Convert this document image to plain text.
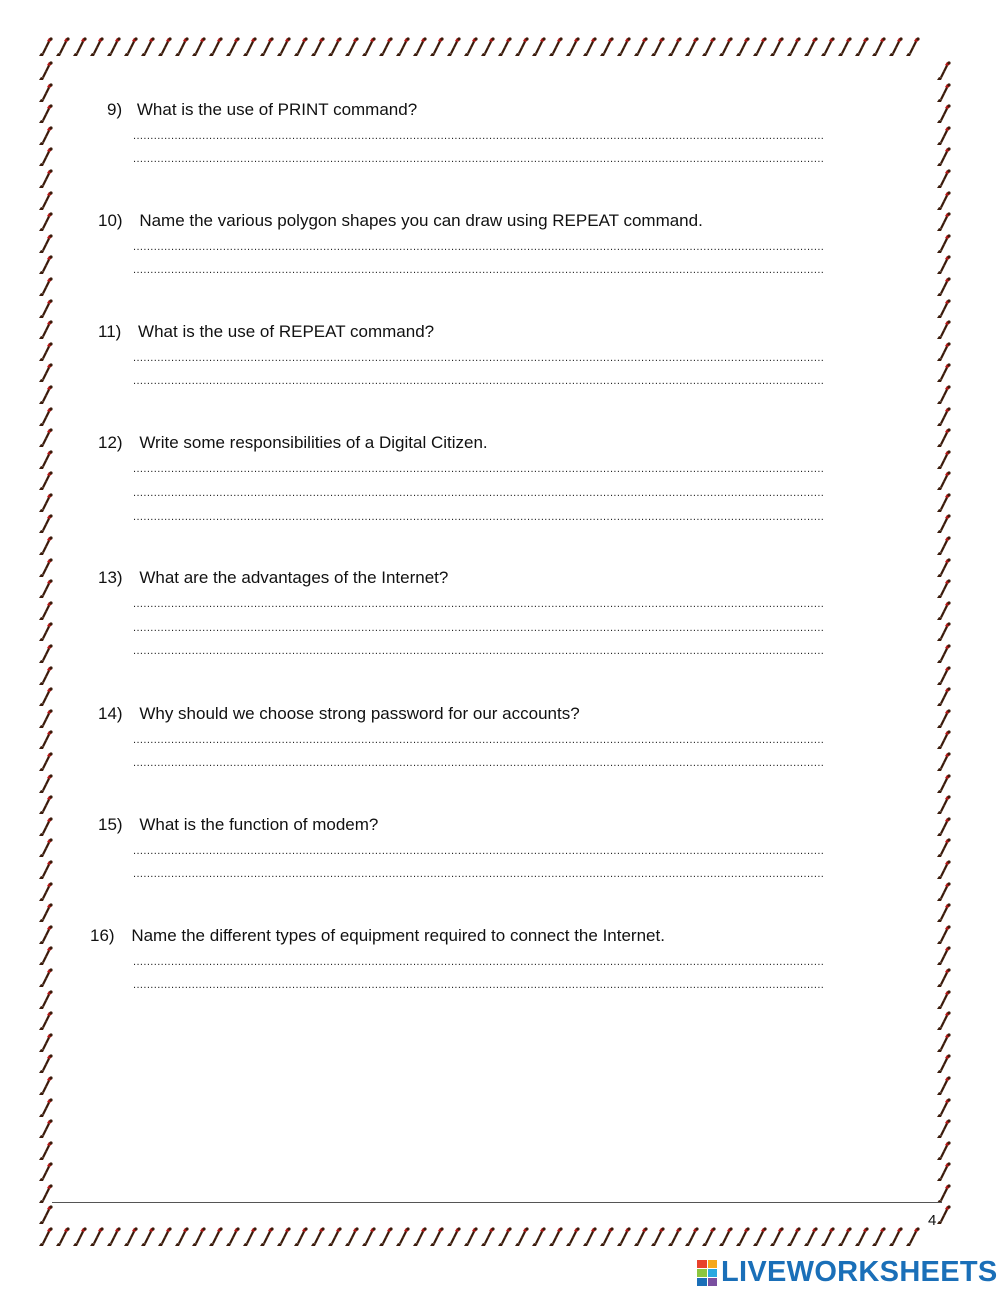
9) What is the use of PRINT command?
........................................................................................................................................................................................................
........................................................................................................................................................................................................
10) Name the various polygon shapes you can draw using REPEAT command.
........................................................................................................................................................................................................
........................................................................................................................................................................................................
11) What is the use of REPEAT command?
........................................................................................................................................................................................................
........................................................................................................................................................................................................
12) Write some responsibilities of a Digital Citizen.
........................................................................................................................................................................................................
........................................................................................................................................................................................................
........................................................................................................................................................................................................
13) What are the advantages of the Internet?
........................................................................................................................................................................................................
........................................................................................................................................................................................................
........................................................................................................................................................................................................
14) Why should we choose strong password for our accounts?
........................................................................................................................................................................................................
........................................................................................................................................................................................................
15) What is the function of modem?
........................................................................................................................................................................................................
........................................................................................................................................................................................................
16) Name the different types of equipment required to connect the Internet.
........................................................................................................................................................................................................
........................................................................................................................................................................................................
4
LIVEWORKSHEETS
